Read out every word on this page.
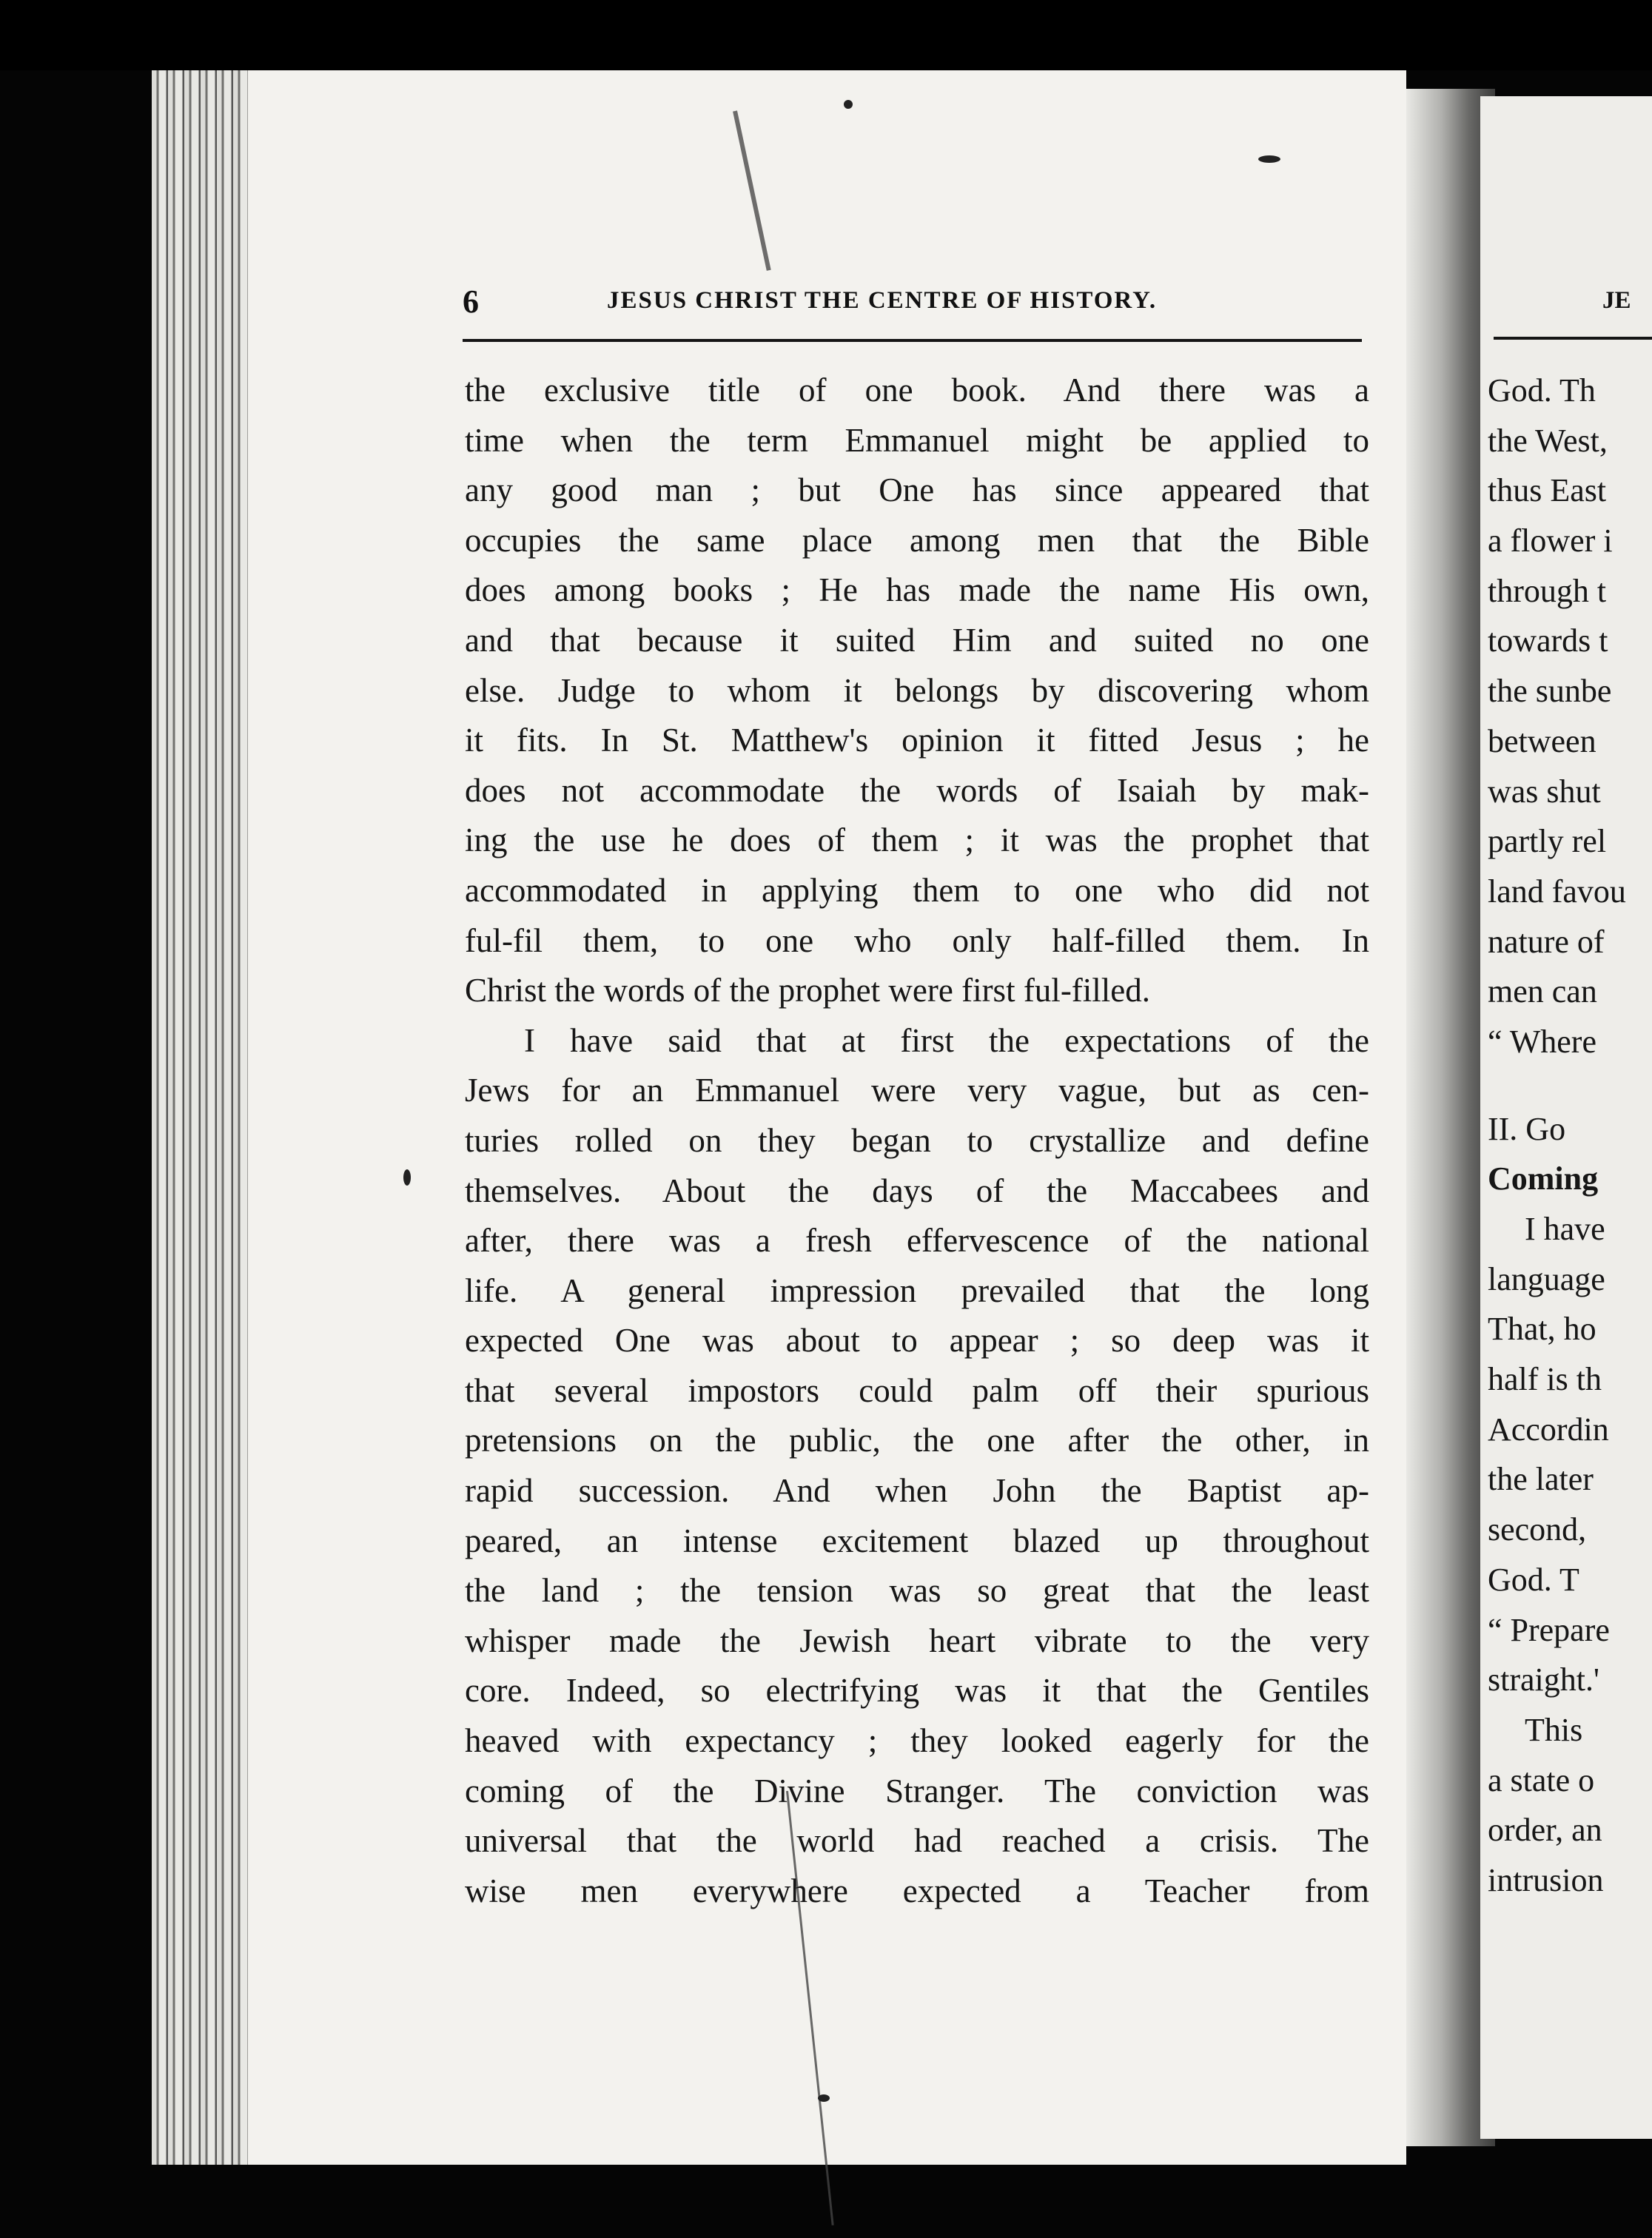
6	JESUS CHRIST THE CENTRE OF HISTORY.
the exclusive title of one book. And there was a
time when the term Emmanuel might be applied to
any good man ; but One has since appeared that
occupies the same place among men that the Bible
does among books ; He has made the name His own,
and that because it suited Him and suited no one
else. Judge to whom it belongs by discovering whom
it fits. In St. Matthew's opinion it fitted Jesus ; he
does not accommodate the words of Isaiah by mak-
ing the use he does of them ; it was the prophet that
accommodated in applying them to one who did not
ful-fil them, to one who only half-filled them. In
Christ the words of the prophet were first ful-filled.
I have said that at first the expectations of the
Jews for an Emmanuel were very vague, but as cen-
turies rolled on they began to crystallize and define
themselves. About the days of the Maccabees and
after, there was a fresh effervescence of the national
life. A general impression prevailed that the long
expected One was about to appear ; so deep was it
that several impostors could palm off their spurious
pretensions on the public, the one after the other, in
rapid succession. And when John the Baptist ap-
peared, an intense excitement blazed up throughout
the land ; the tension was so great that the least
whisper made the Jewish heart vibrate to the very
core. Indeed, so electrifying was it that the Gentiles
heaved with expectancy ; they looked eagerly for the
coming of the Divine Stranger. The conviction was
universal that the world had reached a crisis. The
wise men everywhere expected a Teacher from
JE
God. Th
the West,
thus East
a flower i
through t
towards t
the sunbe
between
was shut
partly rel
land favou
nature of
men can
“ Where
II. Go
Coming
I have
language
That, ho
half is th
Accordin
the later
second,
God. T
“ Prepare
straight.'
This
a state o
order, an
intrusion
